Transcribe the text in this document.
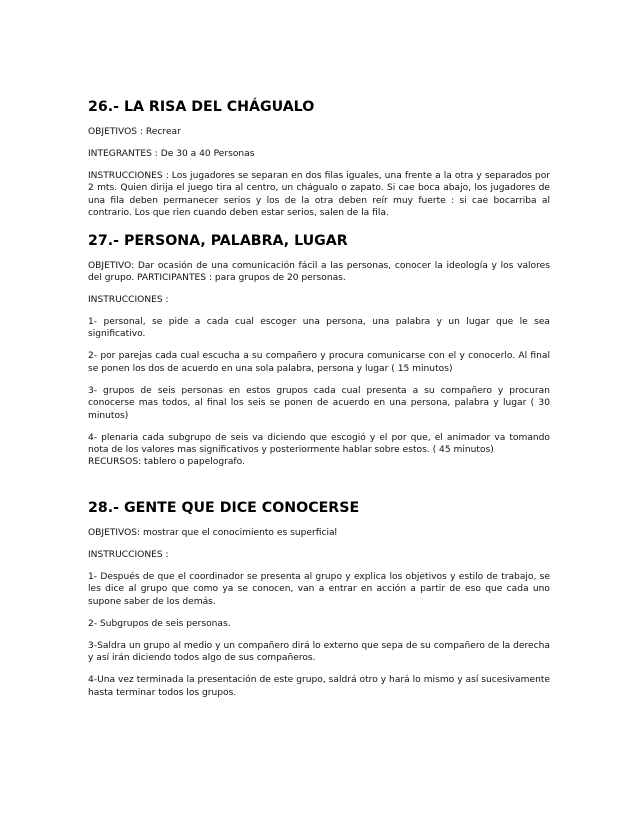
26.- LA RISA DEL CHÁGUALO

OBJETIVOS : Recrear

INTEGRANTES : De 30 a 40 Personas

INSTRUCCIONES : Los jugadores se separan en dos filas iguales, una frente a la otra y separados por 2 mts. Quien dirija el juego tira al centro, un chágualo o zapato. Si cae boca abajo, los jugadores de una fila deben permanecer serios y los de la otra deben reír muy fuerte : si cae bocarriba al contrario. Los que rien cuando deben estar serios, salen de la fila.

27.- PERSONA, PALABRA, LUGAR

OBJETIVO: Dar ocasión de una comunicación fácil a las personas, conocer la ideología y los valores del grupo. PARTICIPANTES : para grupos de 20 personas.

INSTRUCCIONES :

1- personal, se pide a cada cual escoger una persona, una palabra y un lugar que le sea significativo.

2- por parejas cada cual escucha a su compañero y procura comunicarse con el y conocerlo. Al final se ponen los dos de acuerdo en una sola palabra, persona y lugar ( 15 minutos)

3- grupos de seis personas en estos grupos cada cual presenta a su compañero y procuran conocerse mas todos, al final los seis se ponen de acuerdo en una persona, palabra y lugar ( 30 minutos)

4- plenaria cada subgrupo de seis va diciendo que escogió y el por que, el animador va tomando nota de los valores mas significativos y posteriormente hablar sobre estos. ( 45 minutos)

RECURSOS: tablero o papelografo.

28.- GENTE QUE DICE CONOCERSE

OBJETIVOS: mostrar que el conocimiento es superficial

INSTRUCCIONES :

1- Después de que el coordinador se presenta al grupo y explica los objetivos y estilo de trabajo, se les dice al grupo que como ya se conocen, van a entrar en acción a partir de eso que cada uno supone saber de los demás.

2- Subgrupos de seis personas.

3-Saldra un grupo al medio y un compañero dirá lo externo que sepa de su compañero de la derecha y así irán diciendo todos algo de sus compañeros.

4-Una vez terminada la presentación de este grupo, saldrá otro y hará lo mismo y así sucesivamente hasta terminar todos los grupos.
